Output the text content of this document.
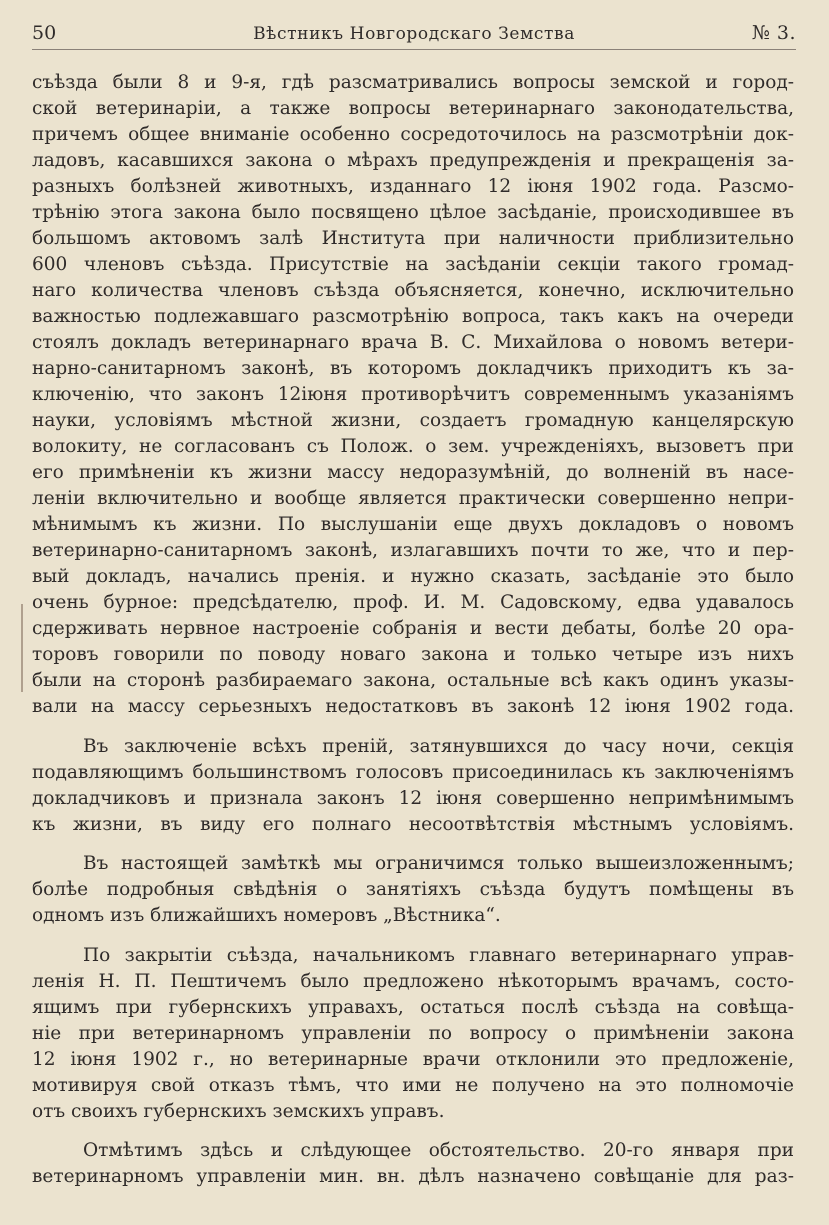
50	Вѣстникъ Новгородскаго Земства	№ 3.
съѣзда были 8 и 9-я, гдѣ разсматривались вопросы земской и город-
ской ветеринаріи, а также вопросы ветеринарнаго законодательства,
причемъ общее вниманіе особенно сосредоточилось на разсмотрѣніи док-
ладовъ, касавшихся закона о мѣрахъ предупрежденія и прекращенія за-
разныхъ болѣзней животныхъ, изданнаго 12 іюня 1902 года. Разсмо-
трѣнію этога закона было посвящено цѣлое засѣданіе, происходившее въ
большомъ актовомъ залѣ Института при наличности приблизительно
600 членовъ съѣзда. Присутствіе на засѣданіи секціи такого громад-
наго количества членовъ съѣзда объясняется, конечно, исключительно
важностью подлежавшаго разсмотрѣнію вопроса, такъ какъ на очереди
стоялъ докладъ ветеринарнаго врача В. С. Михайлова о новомъ ветери-
нарно-санитарномъ законѣ, въ которомъ докладчикъ приходитъ къ за-
ключенію, что законъ 12іюня противорѣчитъ современнымъ указаніямъ
науки, условіямъ мѣстной жизни, создаетъ громадную канцелярскую
волокиту, не согласованъ съ Полож. о зем. учрежденіяхъ, вызоветъ при
его примѣненіи къ жизни массу недоразумѣній, до волненій въ насе-
леніи включительно и вообще является практически совершенно непри-
мѣнимымъ къ жизни. По выслушаніи еще двухъ докладовъ о новомъ
ветеринарно-санитарномъ законѣ, излагавшихъ почти то же, что и пер-
вый докладъ, начались пренія. и нужно сказать, засѣданіе это было
очень бурное: предсѣдателю, проф. И. М. Садовскому, едва удавалось
сдерживать нервное настроеніе собранія и вести дебаты, болѣе 20 ора-
торовъ говорили по поводу новаго закона и только четыре изъ нихъ
были на сторонѣ разбираемаго закона, остальные всѣ какъ одинъ указы-
вали на массу серьезныхъ недостатковъ въ законѣ 12 іюня 1902 года.
Въ заключеніе всѣхъ преній, затянувшихся до часу ночи, секція
подавляющимъ большинствомъ голосовъ присоединилась къ заключеніямъ
докладчиковъ и признала законъ 12 іюня совершенно непримѣнимымъ
къ жизни, въ виду его полнаго несоотвѣтствія мѣстнымъ условіямъ.
Въ настоящей замѣткѣ мы ограничимся только вышеизложеннымъ;
болѣе подробныя свѣдѣнія о занятіяхъ съѣзда будутъ помѣщены въ
одномъ изъ ближайшихъ номеровъ „Вѣстника“.
По закрытіи съѣзда, начальникомъ главнаго ветеринарнаго управ-
ленія Н. П. Пештичемъ было предложено нѣкоторымъ врачамъ, состо-
ящимъ при губернскихъ управахъ, остаться послѣ съѣзда на совѣща-
ніе при ветеринарномъ управленіи по вопросу о примѣненіи закона
12 іюня 1902 г., но ветеринарные врачи отклонили это предложеніе,
мотивируя свой отказъ тѣмъ, что ими не получено на это полномочіе
отъ своихъ губернскихъ земскихъ управъ.
Отмѣтимъ здѣсь и слѣдующее обстоятельство. 20-го января при
ветеринарномъ управленіи мин. вн. дѣлъ назначено совѣщаніе для раз-
